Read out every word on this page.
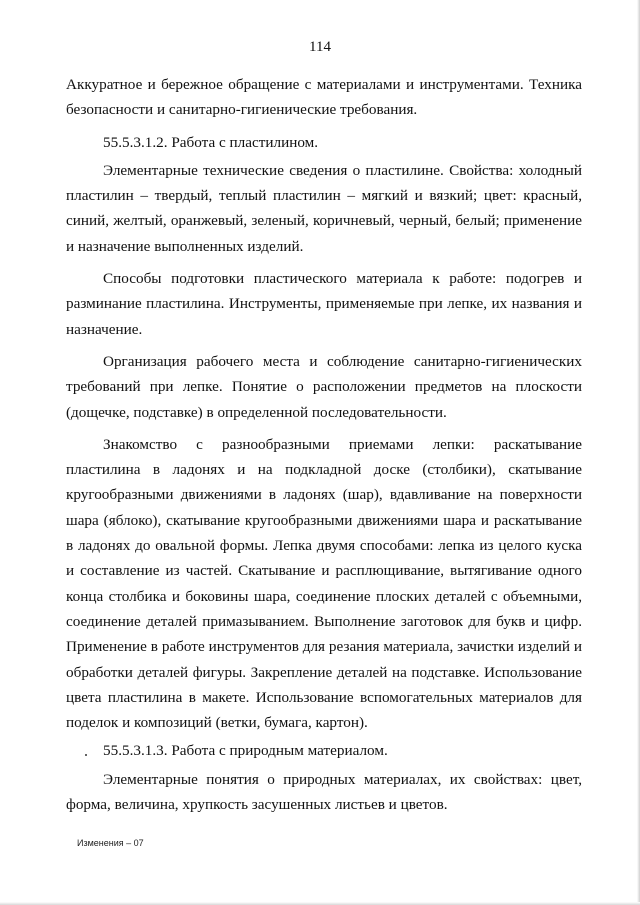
114

Аккуратное и бережное обращение с материалами и инструментами. Техника безопасности и санитарно-гигиенические требования.

55.5.3.1.2. Работа с пластилином.

Элементарные технические сведения о пластилине. Свойства: холодный пластилин – твердый, теплый пластилин – мягкий и вязкий; цвет: красный, синий, желтый, оранжевый, зеленый, коричневый, черный, белый; применение и назначение выполненных изделий.

Способы подготовки пластического материала к работе: подогрев и разминание пластилина. Инструменты, применяемые при лепке, их названия и назначение.

Организация рабочего места и соблюдение санитарно-гигиенических требований при лепке. Понятие о расположении предметов на плоскости (дощечке, подставке) в определенной последовательности.

Знакомство с разнообразными приемами лепки: раскатывание пластилина в ладонях и на подкладной доске (столбики), скатывание кругообразными движениями в ладонях (шар), вдавливание на поверхности шара (яблоко), скатывание кругообразными движениями шара и раскатывание в ладонях до овальной формы. Лепка двумя способами: лепка из целого куска и составление из частей. Скатывание и расплющивание, вытягивание одного конца столбика и боковины шара, соединение плоских деталей с объемными, соединение деталей примазыванием. Выполнение заготовок для букв и цифр. Применение в работе инструментов для резания материала, зачистки изделий и обработки деталей фигуры. Закрепление деталей на подставке. Использование цвета пластилина в макете. Использование вспомогательных материалов для поделок и композиций (ветки, бумага, картон).

55.5.3.1.3. Работа с природным материалом.

Элементарные понятия о природных материалах, их свойствах: цвет, форма, величина, хрупкость засушенных листьев и цветов.

Изменения – 07
